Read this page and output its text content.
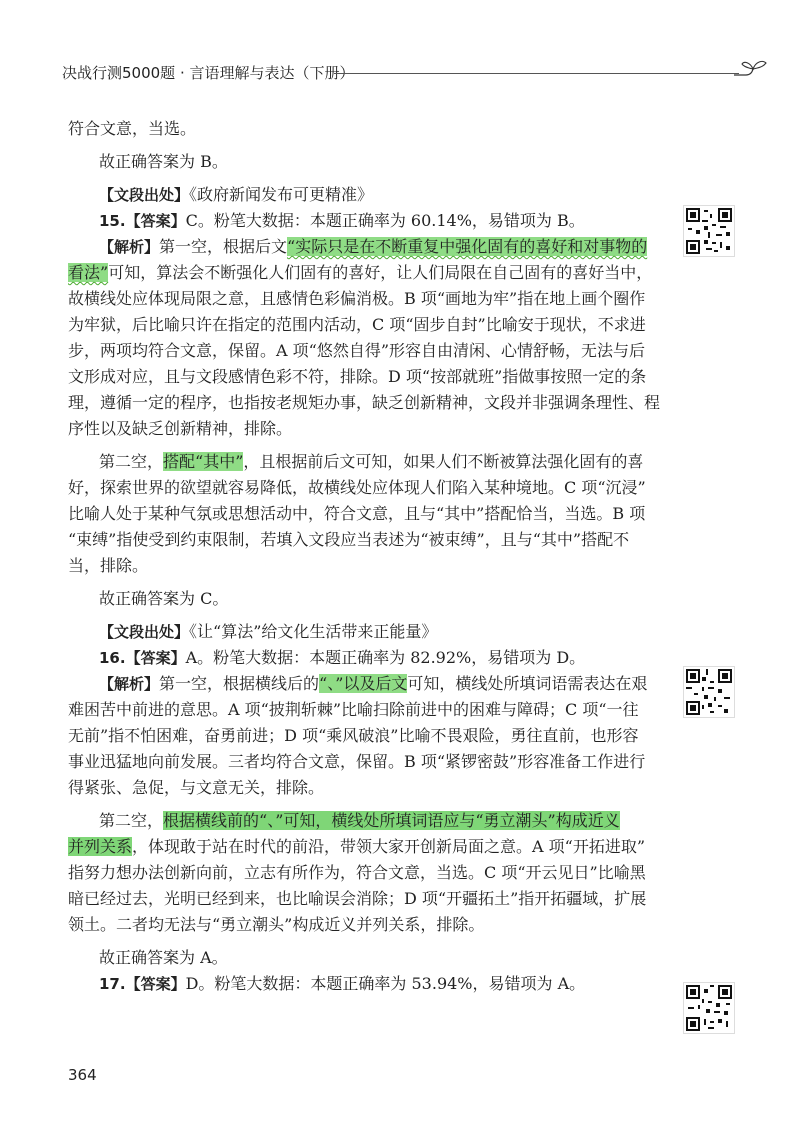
决战行测5000题 · 言语理解与表达（下册）
符合文意，当选。
故正确答案为 B。
【文段出处】《政府新闻发布可更精准》
15.【答案】C。粉笔大数据：本题正确率为 60.14%，易错项为 B。
【解析】第一空，根据后文“实际只是在不断重复中强化固有的喜好和对事物的
看法”可知，算法会不断强化人们固有的喜好，让人们局限在自己固有的喜好当中，
故横线处应体现局限之意，且感情色彩偏消极。B 项“画地为牢”指在地上画个圈作
为牢狱，后比喻只许在指定的范围内活动，C 项“固步自封”比喻安于现状，不求进
步，两项均符合文意，保留。A 项“悠然自得”形容自由清闲、心情舒畅，无法与后
文形成对应，且与文段感情色彩不符，排除。D 项“按部就班”指做事按照一定的条
理，遵循一定的程序，也指按老规矩办事，缺乏创新精神，文段并非强调条理性、程
序性以及缺乏创新精神，排除。
第二空，搭配“其中”，且根据前后文可知，如果人们不断被算法强化固有的喜
好，探索世界的欲望就容易降低，故横线处应体现人们陷入某种境地。C 项“沉浸”
比喻人处于某种气氛或思想活动中，符合文意，且与“其中”搭配恰当，当选。B 项
“束缚”指使受到约束限制，若填入文段应当表述为“被束缚”，且与“其中”搭配不
当，排除。
故正确答案为 C。
【文段出处】《让“算法”给文化生活带来正能量》
16.【答案】A。粉笔大数据：本题正确率为 82.92%，易错项为 D。
【解析】第一空，根据横线后的“、”以及后文可知，横线处所填词语需表达在艰
难困苦中前进的意思。A 项“披荆斩棘”比喻扫除前进中的困难与障碍；C 项“一往
无前”指不怕困难，奋勇前进；D 项“乘风破浪”比喻不畏艰险，勇往直前，也形容
事业迅猛地向前发展。三者均符合文意，保留。B 项“紧锣密鼓”形容准备工作进行
得紧张、急促，与文意无关，排除。
第二空，根据横线前的“、”可知，横线处所填词语应与“勇立潮头”构成近义
并列关系，体现敢于站在时代的前沿，带领大家开创新局面之意。A 项“开拓进取”
指努力想办法创新向前，立志有所作为，符合文意，当选。C 项“开云见日”比喻黑
暗已经过去，光明已经到来，也比喻误会消除；D 项“开疆拓土”指开拓疆域，扩展
领土。二者均无法与“勇立潮头”构成近义并列关系，排除。
故正确答案为 A。
17.【答案】D。粉笔大数据：本题正确率为 53.94%，易错项为 A。
364
